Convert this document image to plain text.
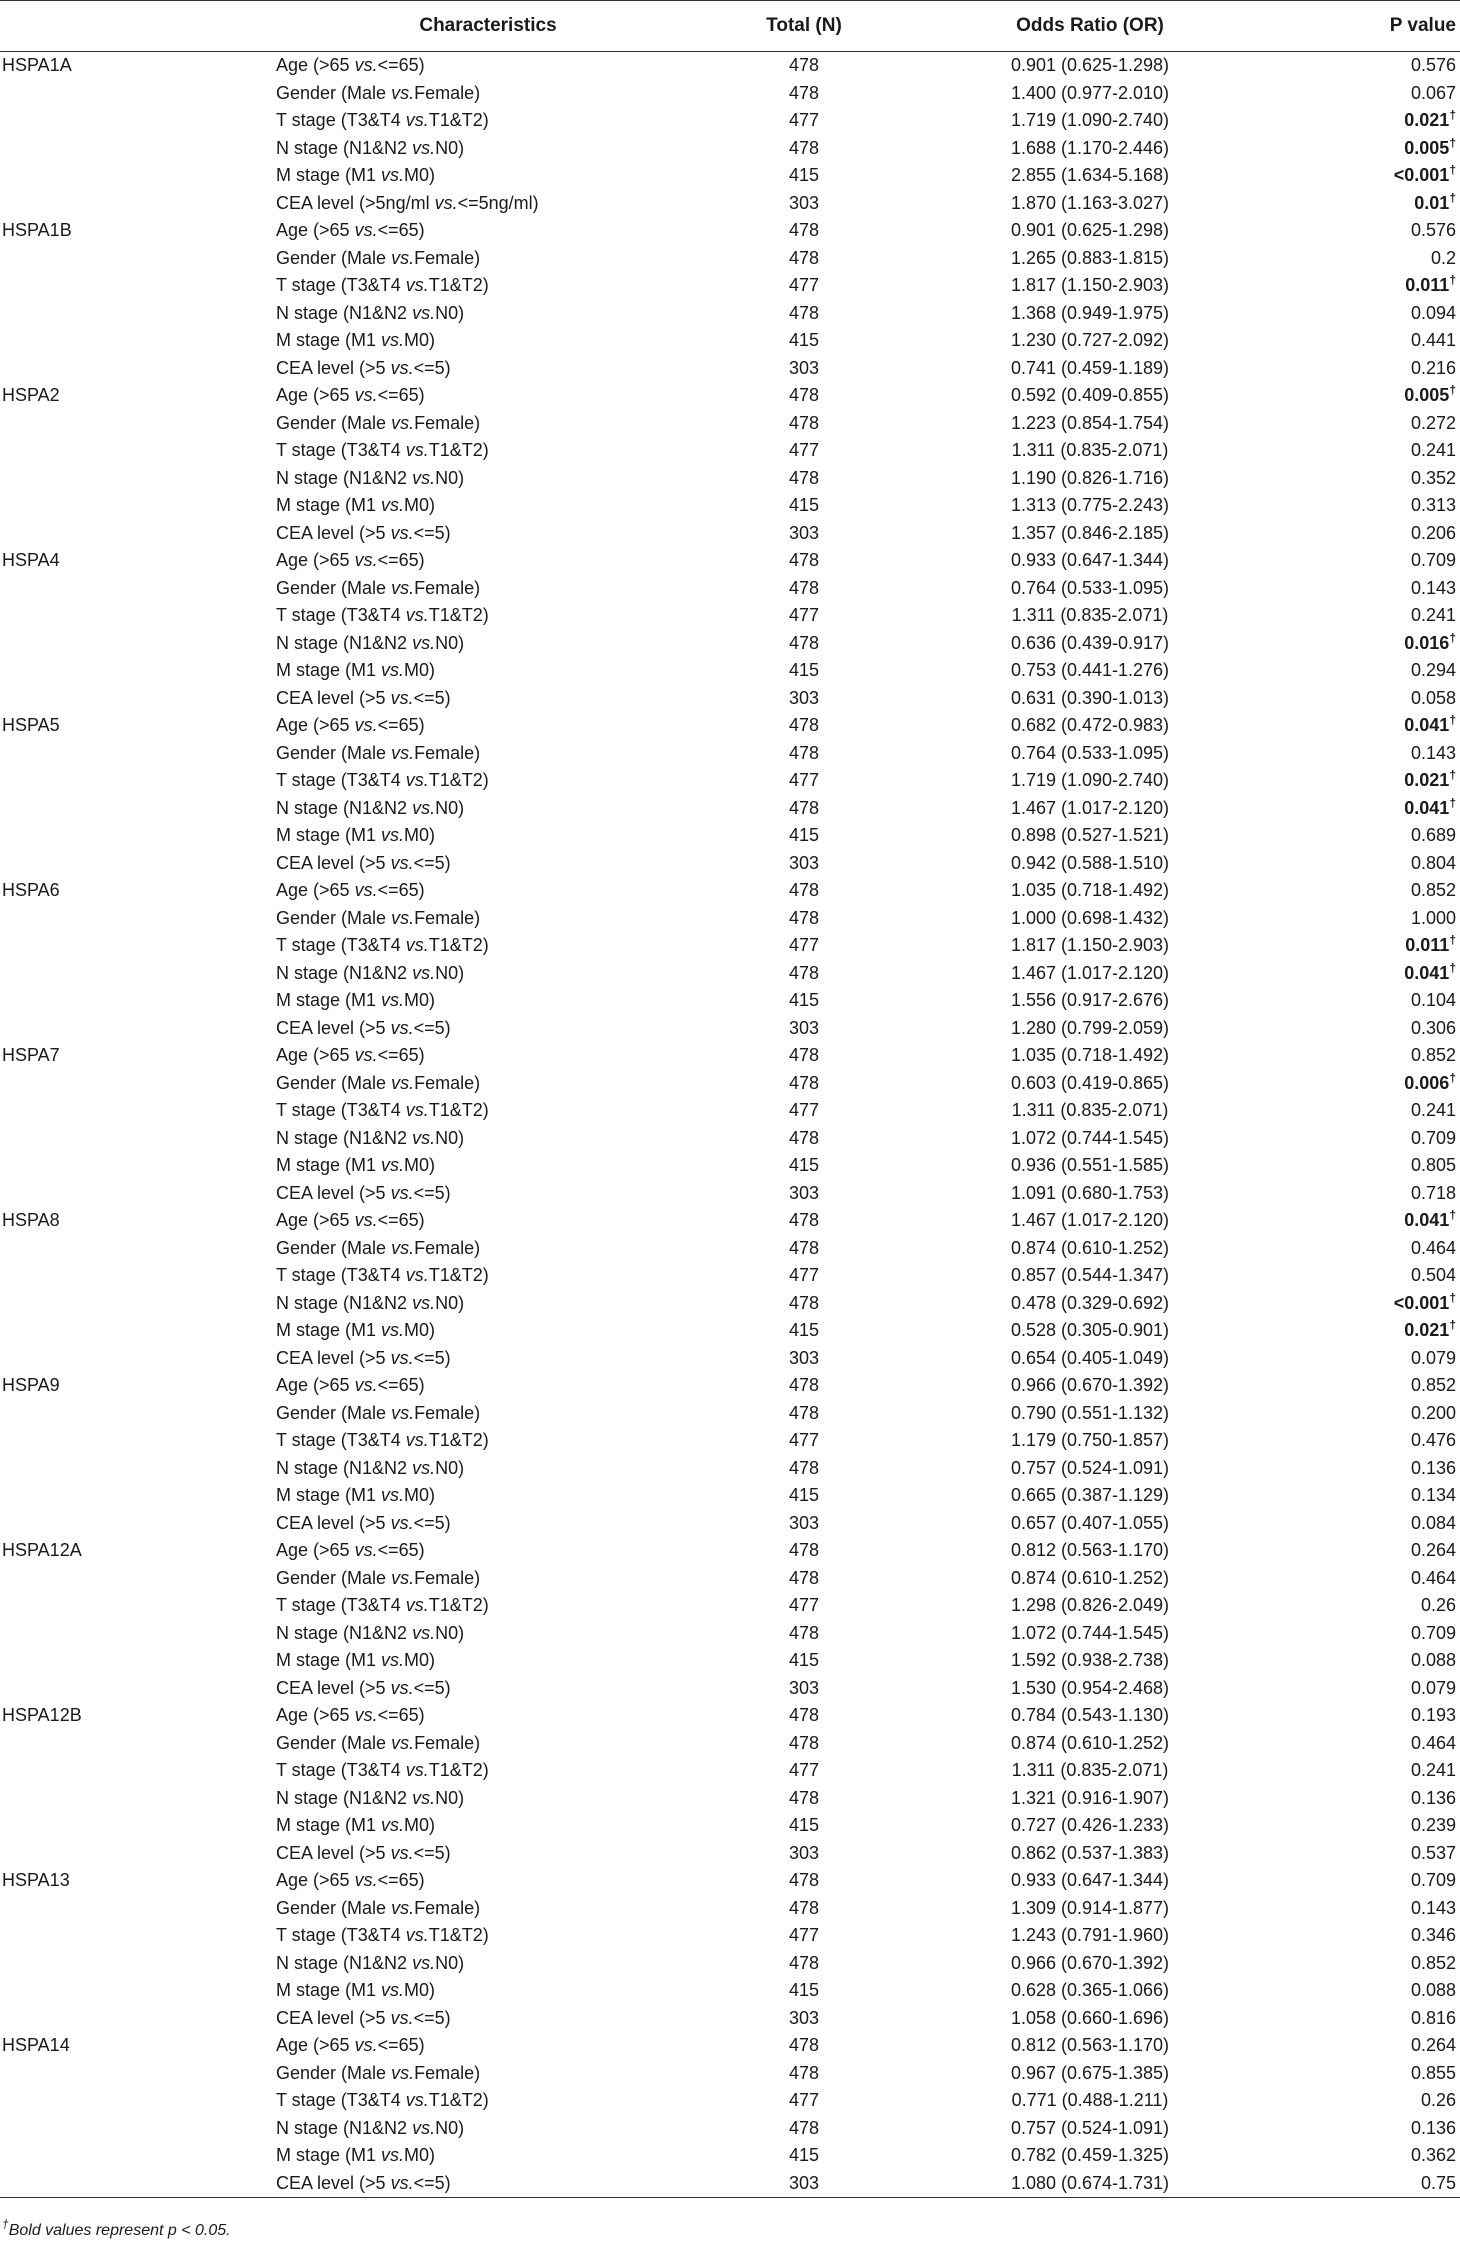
	Characteristics	Total (N)	Odds Ratio (OR)	P value
HSPA1A	Age (>65 vs.<=65)	478	0.901 (0.625-1.298)	0.576
	Gender (Male vs.Female)	478	1.400 (0.977-2.010)	0.067
	T stage (T3&T4 vs.T1&T2)	477	1.719 (1.090-2.740)	0.021†
	N stage (N1&N2 vs.N0)	478	1.688 (1.170-2.446)	0.005†
	M stage (M1 vs.M0)	415	2.855 (1.634-5.168)	<0.001†
	CEA level (>5ng/ml vs.<=5ng/ml)	303	1.870 (1.163-3.027)	0.01†
HSPA1B	Age (>65 vs.<=65)	478	0.901 (0.625-1.298)	0.576
	Gender (Male vs.Female)	478	1.265 (0.883-1.815)	0.2
	T stage (T3&T4 vs.T1&T2)	477	1.817 (1.150-2.903)	0.011†
	N stage (N1&N2 vs.N0)	478	1.368 (0.949-1.975)	0.094
	M stage (M1 vs.M0)	415	1.230 (0.727-2.092)	0.441
	CEA level (>5 vs.<=5)	303	0.741 (0.459-1.189)	0.216
HSPA2	Age (>65 vs.<=65)	478	0.592 (0.409-0.855)	0.005†
	Gender (Male vs.Female)	478	1.223 (0.854-1.754)	0.272
	T stage (T3&T4 vs.T1&T2)	477	1.311 (0.835-2.071)	0.241
	N stage (N1&N2 vs.N0)	478	1.190 (0.826-1.716)	0.352
	M stage (M1 vs.M0)	415	1.313 (0.775-2.243)	0.313
	CEA level (>5 vs.<=5)	303	1.357 (0.846-2.185)	0.206
HSPA4	Age (>65 vs.<=65)	478	0.933 (0.647-1.344)	0.709
	Gender (Male vs.Female)	478	0.764 (0.533-1.095)	0.143
	T stage (T3&T4 vs.T1&T2)	477	1.311 (0.835-2.071)	0.241
	N stage (N1&N2 vs.N0)	478	0.636 (0.439-0.917)	0.016†
	M stage (M1 vs.M0)	415	0.753 (0.441-1.276)	0.294
	CEA level (>5 vs.<=5)	303	0.631 (0.390-1.013)	0.058
HSPA5	Age (>65 vs.<=65)	478	0.682 (0.472-0.983)	0.041†
	Gender (Male vs.Female)	478	0.764 (0.533-1.095)	0.143
	T stage (T3&T4 vs.T1&T2)	477	1.719 (1.090-2.740)	0.021†
	N stage (N1&N2 vs.N0)	478	1.467 (1.017-2.120)	0.041†
	M stage (M1 vs.M0)	415	0.898 (0.527-1.521)	0.689
	CEA level (>5 vs.<=5)	303	0.942 (0.588-1.510)	0.804
HSPA6	Age (>65 vs.<=65)	478	1.035 (0.718-1.492)	0.852
	Gender (Male vs.Female)	478	1.000 (0.698-1.432)	1.000
	T stage (T3&T4 vs.T1&T2)	477	1.817 (1.150-2.903)	0.011†
	N stage (N1&N2 vs.N0)	478	1.467 (1.017-2.120)	0.041†
	M stage (M1 vs.M0)	415	1.556 (0.917-2.676)	0.104
	CEA level (>5 vs.<=5)	303	1.280 (0.799-2.059)	0.306
HSPA7	Age (>65 vs.<=65)	478	1.035 (0.718-1.492)	0.852
	Gender (Male vs.Female)	478	0.603 (0.419-0.865)	0.006†
	T stage (T3&T4 vs.T1&T2)	477	1.311 (0.835-2.071)	0.241
	N stage (N1&N2 vs.N0)	478	1.072 (0.744-1.545)	0.709
	M stage (M1 vs.M0)	415	0.936 (0.551-1.585)	0.805
	CEA level (>5 vs.<=5)	303	1.091 (0.680-1.753)	0.718
HSPA8	Age (>65 vs.<=65)	478	1.467 (1.017-2.120)	0.041†
	Gender (Male vs.Female)	478	0.874 (0.610-1.252)	0.464
	T stage (T3&T4 vs.T1&T2)	477	0.857 (0.544-1.347)	0.504
	N stage (N1&N2 vs.N0)	478	0.478 (0.329-0.692)	<0.001†
	M stage (M1 vs.M0)	415	0.528 (0.305-0.901)	0.021†
	CEA level (>5 vs.<=5)	303	0.654 (0.405-1.049)	0.079
HSPA9	Age (>65 vs.<=65)	478	0.966 (0.670-1.392)	0.852
	Gender (Male vs.Female)	478	0.790 (0.551-1.132)	0.200
	T stage (T3&T4 vs.T1&T2)	477	1.179 (0.750-1.857)	0.476
	N stage (N1&N2 vs.N0)	478	0.757 (0.524-1.091)	0.136
	M stage (M1 vs.M0)	415	0.665 (0.387-1.129)	0.134
	CEA level (>5 vs.<=5)	303	0.657 (0.407-1.055)	0.084
HSPA12A	Age (>65 vs.<=65)	478	0.812 (0.563-1.170)	0.264
	Gender (Male vs.Female)	478	0.874 (0.610-1.252)	0.464
	T stage (T3&T4 vs.T1&T2)	477	1.298 (0.826-2.049)	0.26
	N stage (N1&N2 vs.N0)	478	1.072 (0.744-1.545)	0.709
	M stage (M1 vs.M0)	415	1.592 (0.938-2.738)	0.088
	CEA level (>5 vs.<=5)	303	1.530 (0.954-2.468)	0.079
HSPA12B	Age (>65 vs.<=65)	478	0.784 (0.543-1.130)	0.193
	Gender (Male vs.Female)	478	0.874 (0.610-1.252)	0.464
	T stage (T3&T4 vs.T1&T2)	477	1.311 (0.835-2.071)	0.241
	N stage (N1&N2 vs.N0)	478	1.321 (0.916-1.907)	0.136
	M stage (M1 vs.M0)	415	0.727 (0.426-1.233)	0.239
	CEA level (>5 vs.<=5)	303	0.862 (0.537-1.383)	0.537
HSPA13	Age (>65 vs.<=65)	478	0.933 (0.647-1.344)	0.709
	Gender (Male vs.Female)	478	1.309 (0.914-1.877)	0.143
	T stage (T3&T4 vs.T1&T2)	477	1.243 (0.791-1.960)	0.346
	N stage (N1&N2 vs.N0)	478	0.966 (0.670-1.392)	0.852
	M stage (M1 vs.M0)	415	0.628 (0.365-1.066)	0.088
	CEA level (>5 vs.<=5)	303	1.058 (0.660-1.696)	0.816
HSPA14	Age (>65 vs.<=65)	478	0.812 (0.563-1.170)	0.264
	Gender (Male vs.Female)	478	0.967 (0.675-1.385)	0.855
	T stage (T3&T4 vs.T1&T2)	477	0.771 (0.488-1.211)	0.26
	N stage (N1&N2 vs.N0)	478	0.757 (0.524-1.091)	0.136
	M stage (M1 vs.M0)	415	0.782 (0.459-1.325)	0.362
	CEA level (>5 vs.<=5)	303	1.080 (0.674-1.731)	0.75
†Bold values represent p < 0.05.
